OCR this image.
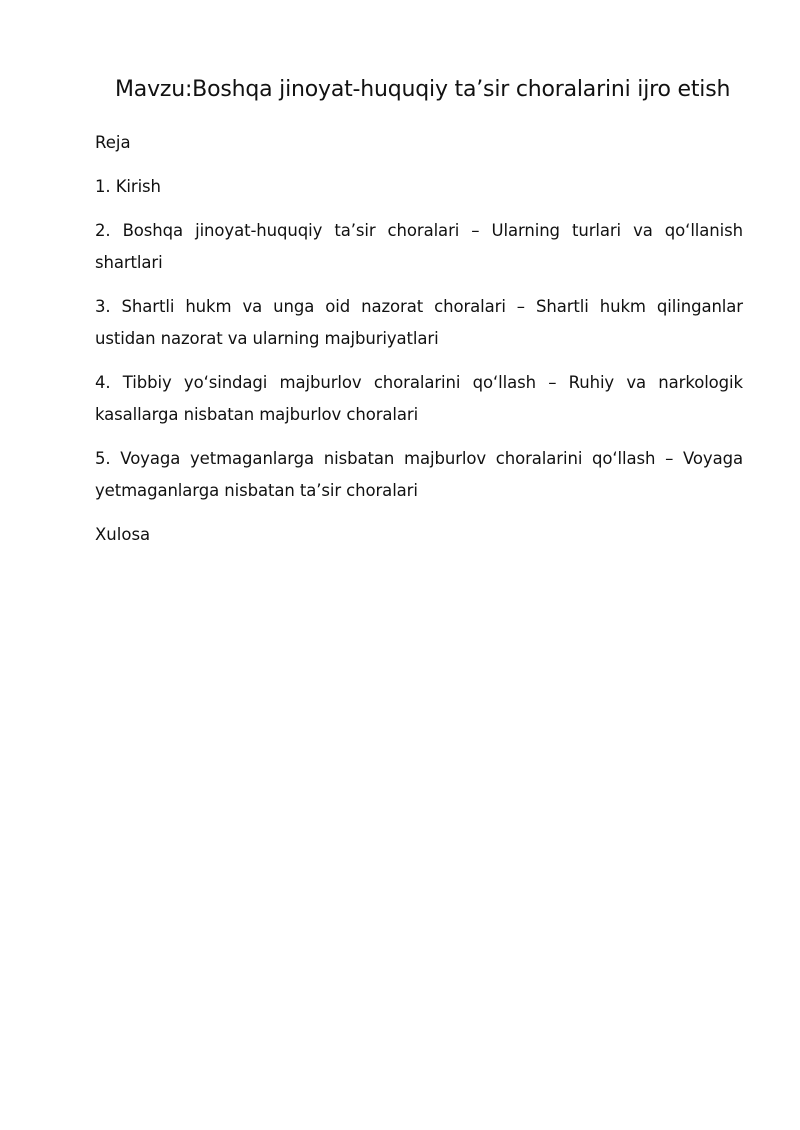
Mavzu:Boshqa jinoyat-huquqiy ta’sir choralarini ijro etish

Reja

1. Kirish
2. Boshqa jinoyat-huquqiy ta’sir choralari – Ularning turlari va qo‘llanish shartlari
3. Shartli hukm va unga oid nazorat choralari – Shartli hukm qilinganlar ustidan nazorat va ularning majburiyatlari
4. Tibbiy yo‘sindagi majburlov choralarini qo‘llash – Ruhiy va narkologik kasallarga nisbatan majburlov choralari
5. Voyaga yetmaganlarga nisbatan majburlov choralarini qo‘llash – Voyaga yetmaganlarga nisbatan ta’sir choralari

Xulosa
